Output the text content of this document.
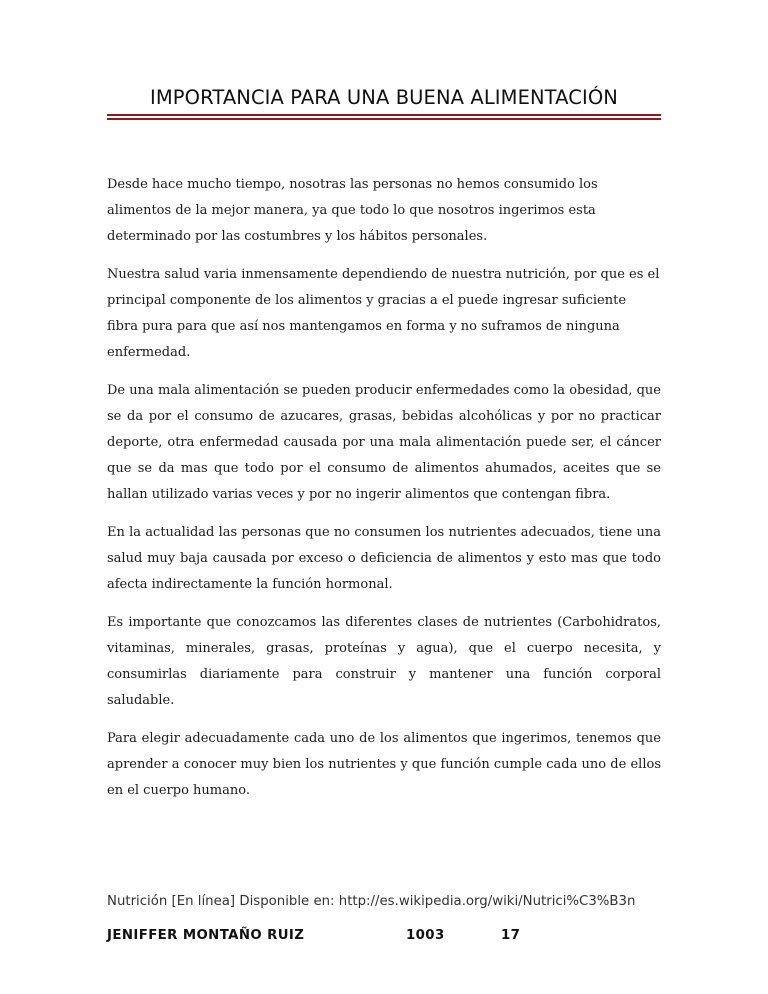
IMPORTANCIA PARA UNA BUENA ALIMENTACIÓN

Desde hace mucho tiempo, nosotras las personas no hemos consumido los alimentos de la mejor manera, ya que todo lo que nosotros ingerimos esta determinado por las costumbres y los hábitos personales.

Nuestra salud varia inmensamente dependiendo de nuestra nutrición, por que es el principal componente de los alimentos y gracias a el puede ingresar suficiente fibra pura para que así nos mantengamos en forma y no suframos de ninguna enfermedad.

De una mala alimentación se pueden producir enfermedades como la obesidad, que se da por el consumo de azucares, grasas, bebidas alcohólicas y por no practicar deporte, otra enfermedad causada por una mala alimentación puede ser, el cáncer que se da mas que todo por el consumo de alimentos ahumados, aceites que se hallan utilizado varias veces y por no ingerir alimentos que contengan fibra.

En la actualidad las personas que no consumen los nutrientes adecuados, tiene una salud muy baja causada por exceso o deficiencia de alimentos y esto mas que todo afecta indirectamente la función hormonal.

Es importante que conozcamos las diferentes clases de nutrientes (Carbohidratos, vitaminas, minerales, grasas, proteínas y agua), que el cuerpo necesita, y consumirlas diariamente para construir y mantener una función corporal saludable.

Para elegir adecuadamente cada uno de los alimentos que ingerimos, tenemos que aprender a conocer muy bien los nutrientes y que función cumple cada uno de ellos en el cuerpo humano.

Nutrición [En línea] Disponible en: http://es.wikipedia.org/wiki/Nutrici%C3%B3n
JENIFFER MONTAÑO RUIZ	1003	17
